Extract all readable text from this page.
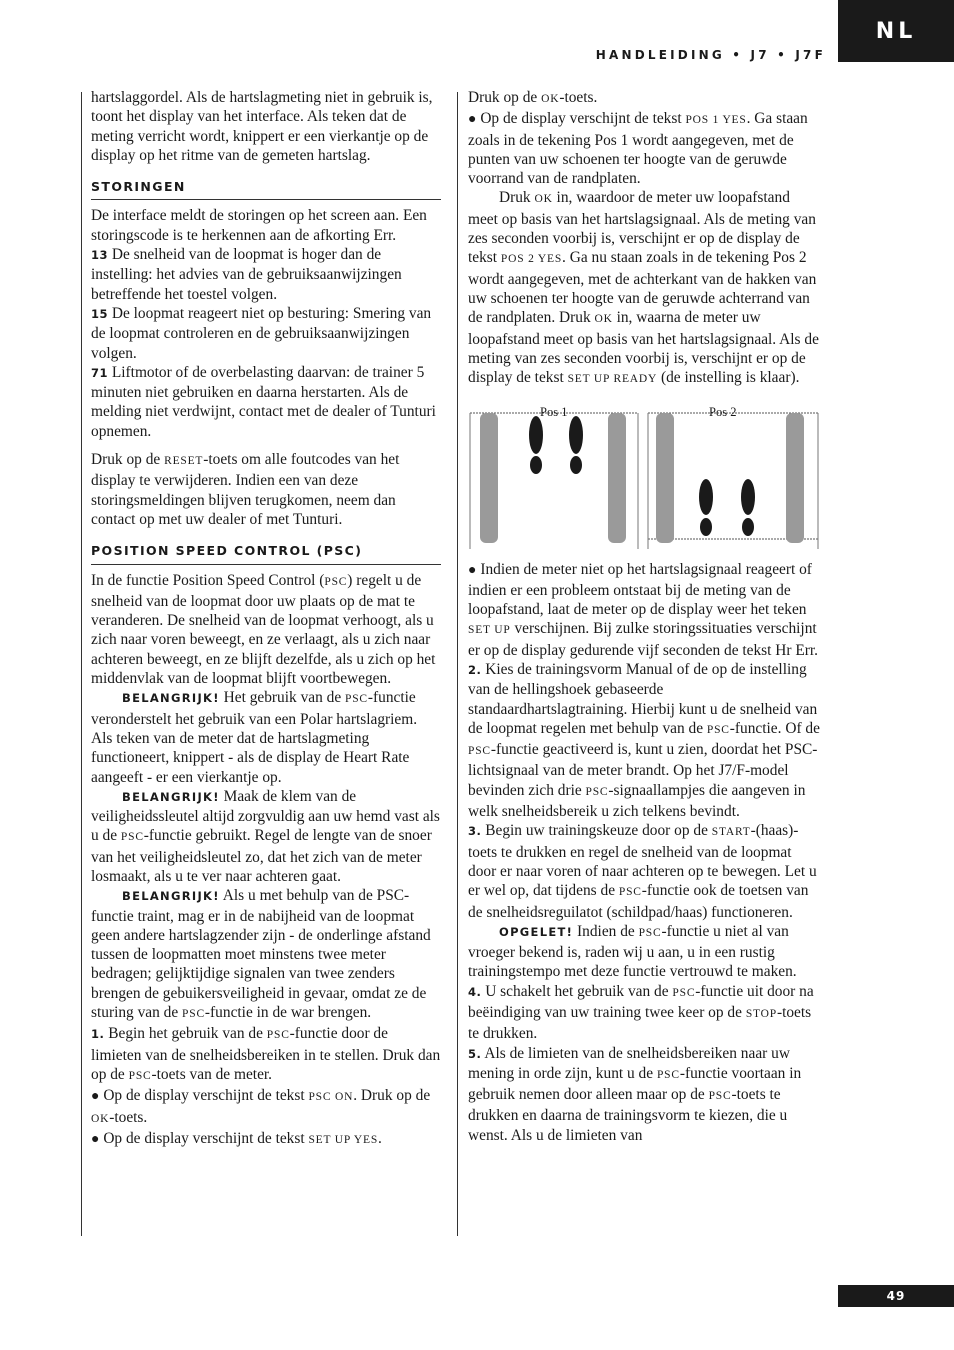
HANDLEIDING • J7 • J7F
NL
49

hartslaggordel. Als de hartslagmeting niet in gebruik is, toont het display van het interface. Als teken dat de meting verricht wordt, knippert er een vierkantje op de display op het ritme van de gemeten hartslag.

STORINGEN

De interface meldt de storingen op het screen aan. Een storingscode is te herkennen aan de afkorting Err.

13 De snelheid van de loopmat is hoger dan de instelling: het advies van de gebruiksaanwijzingen betreffende het toestel volgen.

15 De loopmat reageert niet op besturing: Smering van de loopmat controleren en de gebruiksaanwijzingen volgen.

71 Liftmotor of de overbelasting daarvan: de trainer 5 minuten niet gebruiken en daarna herstarten. Als de melding niet verdwijnt, contact met de dealer of Tunturi opnemen.

Druk op de RESET-toets om alle foutcodes van het display te verwijderen. Indien een van deze storingsmeldingen blijven terugkomen, neem dan contact op met uw dealer of met Tunturi.

POSITION SPEED CONTROL (PSC)

In de functie Position Speed Control (PSC) regelt u de snelheid van de loopmat door uw plaats op de mat te veranderen. De snelheid van de loopmat verhoogt, als u zich naar voren beweegt, en ze verlaagt, als u zich naar achteren beweegt, en ze blijft dezelfde, als u zich op het middenvlak van de loopmat blijft voortbewegen.

BELANGRIJK! Het gebruik van de PSC-functie veronderstelt het gebruik van een Polar hartslagriem. Als teken van de meter dat de hartslagmeting functioneert, knippert - als de display de Heart Rate aangeeft - er een vierkantje op.

BELANGRIJK! Maak de klem van de veiligheidssleutel altijd zorgvuldig aan uw hemd vast als u de PSC-functie gebruikt. Regel de lengte van de snoer van het veiligheidsleutel zo, dat het zich van de meter losmaakt, als u te ver naar achteren gaat.

BELANGRIJK! Als u met behulp van de PSC-functie traint, mag er in de nabijheid van de loopmat geen andere hartslagzender zijn - de onderlinge afstand tussen de loopmatten moet minstens twee meter bedragen; gelijktijdige signalen van twee zenders brengen de gebuikersveiligheid in gevaar, omdat ze de sturing van de PSC-functie in de war brengen.

1. Begin het gebruik van de PSC-functie door de limieten van de snelheidsbereiken in te stellen. Druk dan op de PSC-toets van de meter.

● Op de display verschijnt de tekst PSC ON. Druk op de OK-toets.

● Op de display verschijnt de tekst SET UP YES.

Druk op de OK-toets.

● Op de display verschijnt de tekst POS 1 YES. Ga staan zoals in de tekening Pos 1 wordt aangegeven, met de punten van uw schoenen ter hoogte van de geruwde voorrand van de randplaten.

Druk OK in, waardoor de meter uw loopafstand meet op basis van het hartslagsignaal. Als de meting van zes seconden voorbij is, verschijnt er op de display de tekst POS 2 YES. Ga nu staan zoals in de tekening Pos 2 wordt aangegeven, met de achterkant van de hakken van uw schoenen ter hoogte van de geruwde achterrand van de randplaten. Druk OK in, waarna de meter uw loopafstand meet op basis van het hartslagsignaal. Als de meting van zes seconden voorbij is, verschijnt er op de display de tekst SET UP READY (de instelling is klaar).

Pos 1	Pos 2

● Indien de meter niet op het hartslagsignaal reageert of indien er een probleem ontstaat bij de meting van de loopafstand, laat de meter op de display weer het teken SET UP verschijnen. Bij zulke storingssituaties verschijnt er op de display gedurende vijf seconden de tekst Hr Err.

2. Kies de trainingsvorm Manual of de op de instelling van de hellingshoek gebaseerde standaardhartslagtraining. Hierbij kunt u de snelheid van de loopmat regelen met behulp van de PSC-functie. Of de PSC-functie geactiveerd is, kunt u zien, doordat het PSC-lichtsignaal van de meter brandt. Op het J7/F-model bevinden zich drie PSC-signaallampjes die aangeven in welk snelheidsbereik u zich telkens bevindt.

3. Begin uw trainingskeuze door op de START-(haas)-toets te drukken en regel de snelheid van de loopmat door er naar voren of naar achteren op te bewegen. Let u er wel op, dat tijdens de PSC-functie ook de toetsen van de snelheidsreguilatot (schildpad/haas) functioneren.

OPGELET! Indien de PSC-functie u niet al van vroeger bekend is, raden wij u aan, u in een rustig trainingstempo met deze functie vertrouwd te maken.

4. U schakelt het gebruik van de PSC-functie uit door na beëindiging van uw training twee keer op de STOP-toets te drukken.

5. Als de limieten van de snelheidsbereiken naar uw mening in orde zijn, kunt u de PSC-functie voortaan in gebruik nemen door alleen maar op de PSC-toets te drukken en daarna de trainingsvorm te kiezen, die u wenst. Als u de limieten van
